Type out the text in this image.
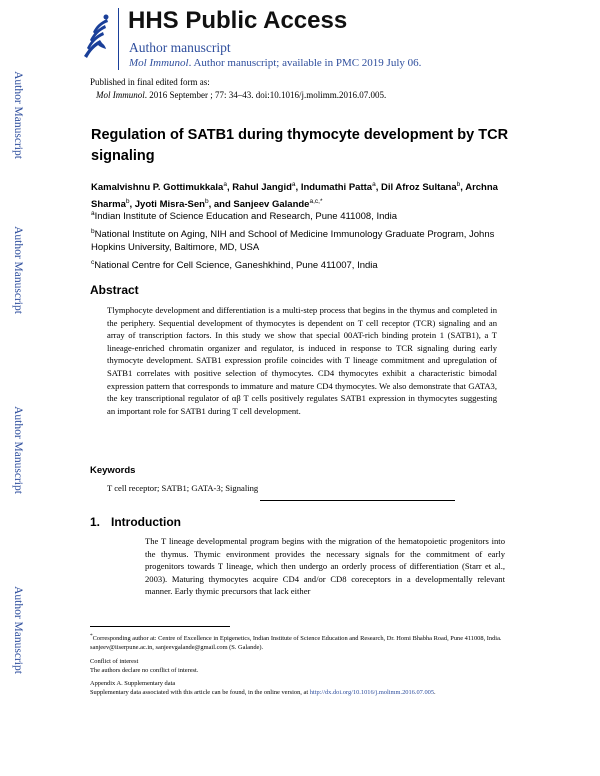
HHS Public Access
Author manuscript
Mol Immunol. Author manuscript; available in PMC 2019 July 06.
Author Manuscript
Author Manuscript
Author Manuscript
Author Manuscript
Published in final edited form as:
Mol Immunol. 2016 September ; 77: 34–43. doi:10.1016/j.molimm.2016.07.005.
Regulation of SATB1 during thymocyte development by TCR signaling
Kamalvishnu P. Gottimukkala$^a$, Rahul Jangid$^a$, Indumathi Patta$^a$, Dil Afroz Sultana$^b$, Archna Sharma$^b$, Jyoti Misra-Sen$^b$, and Sanjeev Galande$^{a,c,*}$
$^a$Indian Institute of Science Education and Research, Pune 411008, India
$^b$National Institute on Aging, NIH and School of Medicine Immunology Graduate Program, Johns Hopkins University, Baltimore, MD, USA
$^c$National Centre for Cell Science, Ganeshkhind, Pune 411007, India
Abstract
Tlymphocyte development and differentiation is a multi-step process that begins in the thymus and completed in the periphery. Sequential development of thymocytes is dependent on T cell receptor (TCR) signaling and an array of transcription factors. In this study we show that special 00AT-rich binding protein 1 (SATB1), a T lineage-enriched chromatin organizer and regulator, is induced in response to TCR signaling during early thymocyte development. SATB1 expression profile coincides with T lineage commitment and upregulation of SATB1 correlates with positive selection of thymocytes. CD4 thymocytes exhibit a characteristic bimodal expression pattern that corresponds to immature and mature CD4 thymocytes. We also demonstrate that GATA3, the key transcriptional regulator of αβ T cells positively regulates SATB1 expression in thymocytes suggesting an important role for SATB1 during T cell development.
Keywords
T cell receptor; SATB1; GATA-3; Signaling
1. Introduction
The T lineage developmental program begins with the migration of the hematopoietic progenitors into the thymus. Thymic environment provides the necessary signals for the commitment of early progenitors towards T lineage, which then undergo an orderly process of differentiation (Starr et al., 2003). Maturing thymocytes acquire CD4 and/or CD8 coreceptors in a developmentally relevant manner. Early thymic precursors that lack either
*Corresponding author at: Centre of Excellence in Epigenetics, Indian Institute of Science Education and Research, Dr. Homi Bhabha Road, Pune 411008, India. sanjeev@iiserpune.ac.in, sanjeevgalande@gmail.com (S. Galande).
Conflict of interest
The authors declare no conflict of interest.
Appendix A. Supplementary data
Supplementary data associated with this article can be found, in the online version, at http://dx.doi.org/10.1016/j.molimm.2016.07.005.
